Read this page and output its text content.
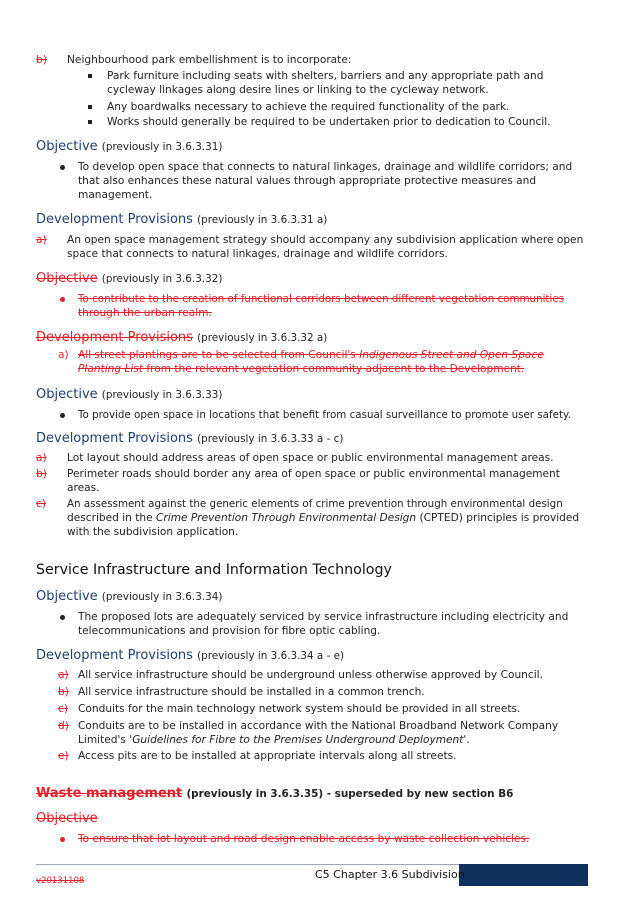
b) Neighbourhood park embellishment is to incorporate:
Park furniture including seats with shelters, barriers and any appropriate path and
cycleway linkages along desire lines or linking to the cycleway network.
Any boardwalks necessary to achieve the required functionality of the park.
Works should generally be required to be undertaken prior to dedication to Council.
Objective (previously in 3.6.3.31)
To develop open space that connects to natural linkages, drainage and wildlife corridors; and
that also enhances these natural values through appropriate protective measures and
management.
Development Provisions (previously in 3.6.3.31 a)
a) An open space management strategy should accompany any subdivision application where open
space that connects to natural linkages, drainage and wildlife corridors.
Objective (previously in 3.6.3.32)
To contribute to the creation of functional corridors between different vegetation communities
through the urban realm.
Development Provisions (previously in 3.6.3.32 a)
a) All street plantings are to be selected from Council's Indigenous Street and Open Space
Planting List from the relevant vegetation community adjacent to the Development.
Objective (previously in 3.6.3.33)
To provide open space in locations that benefit from casual surveillance to promote user safety.
Development Provisions (previously in 3.6.3.33 a - c)
a) Lot layout should address areas of open space or public environmental management areas.
b) Perimeter roads should border any area of open space or public environmental management
areas.
c) An assessment against the generic elements of crime prevention through environmental design
described in the Crime Prevention Through Environmental Design (CPTED) principles is provided
with the subdivision application.
Service Infrastructure and Information Technology
Objective (previously in 3.6.3.34)
The proposed lots are adequately serviced by service infrastructure including electricity and
telecommunications and provision for fibre optic cabling.
Development Provisions (previously in 3.6.3.34 a - e)
a) All service infrastructure should be underground unless otherwise approved by Council.
b) All service infrastructure should be installed in a common trench.
c) Conduits for the main technology network system should be provided in all streets.
d) Conduits are to be installed in accordance with the National Broadband Network Company
Limited's 'Guidelines for Fibre to the Premises Underground Deployment'.
e) Access pits are to be installed at appropriate intervals along all streets.
Waste management (previously in 3.6.3.35) - superseded by new section B6
Objective
To ensure that lot layout and road design enable access by waste collection vehicles.
C5 Chapter 3.6 Subdivision
v20131108
